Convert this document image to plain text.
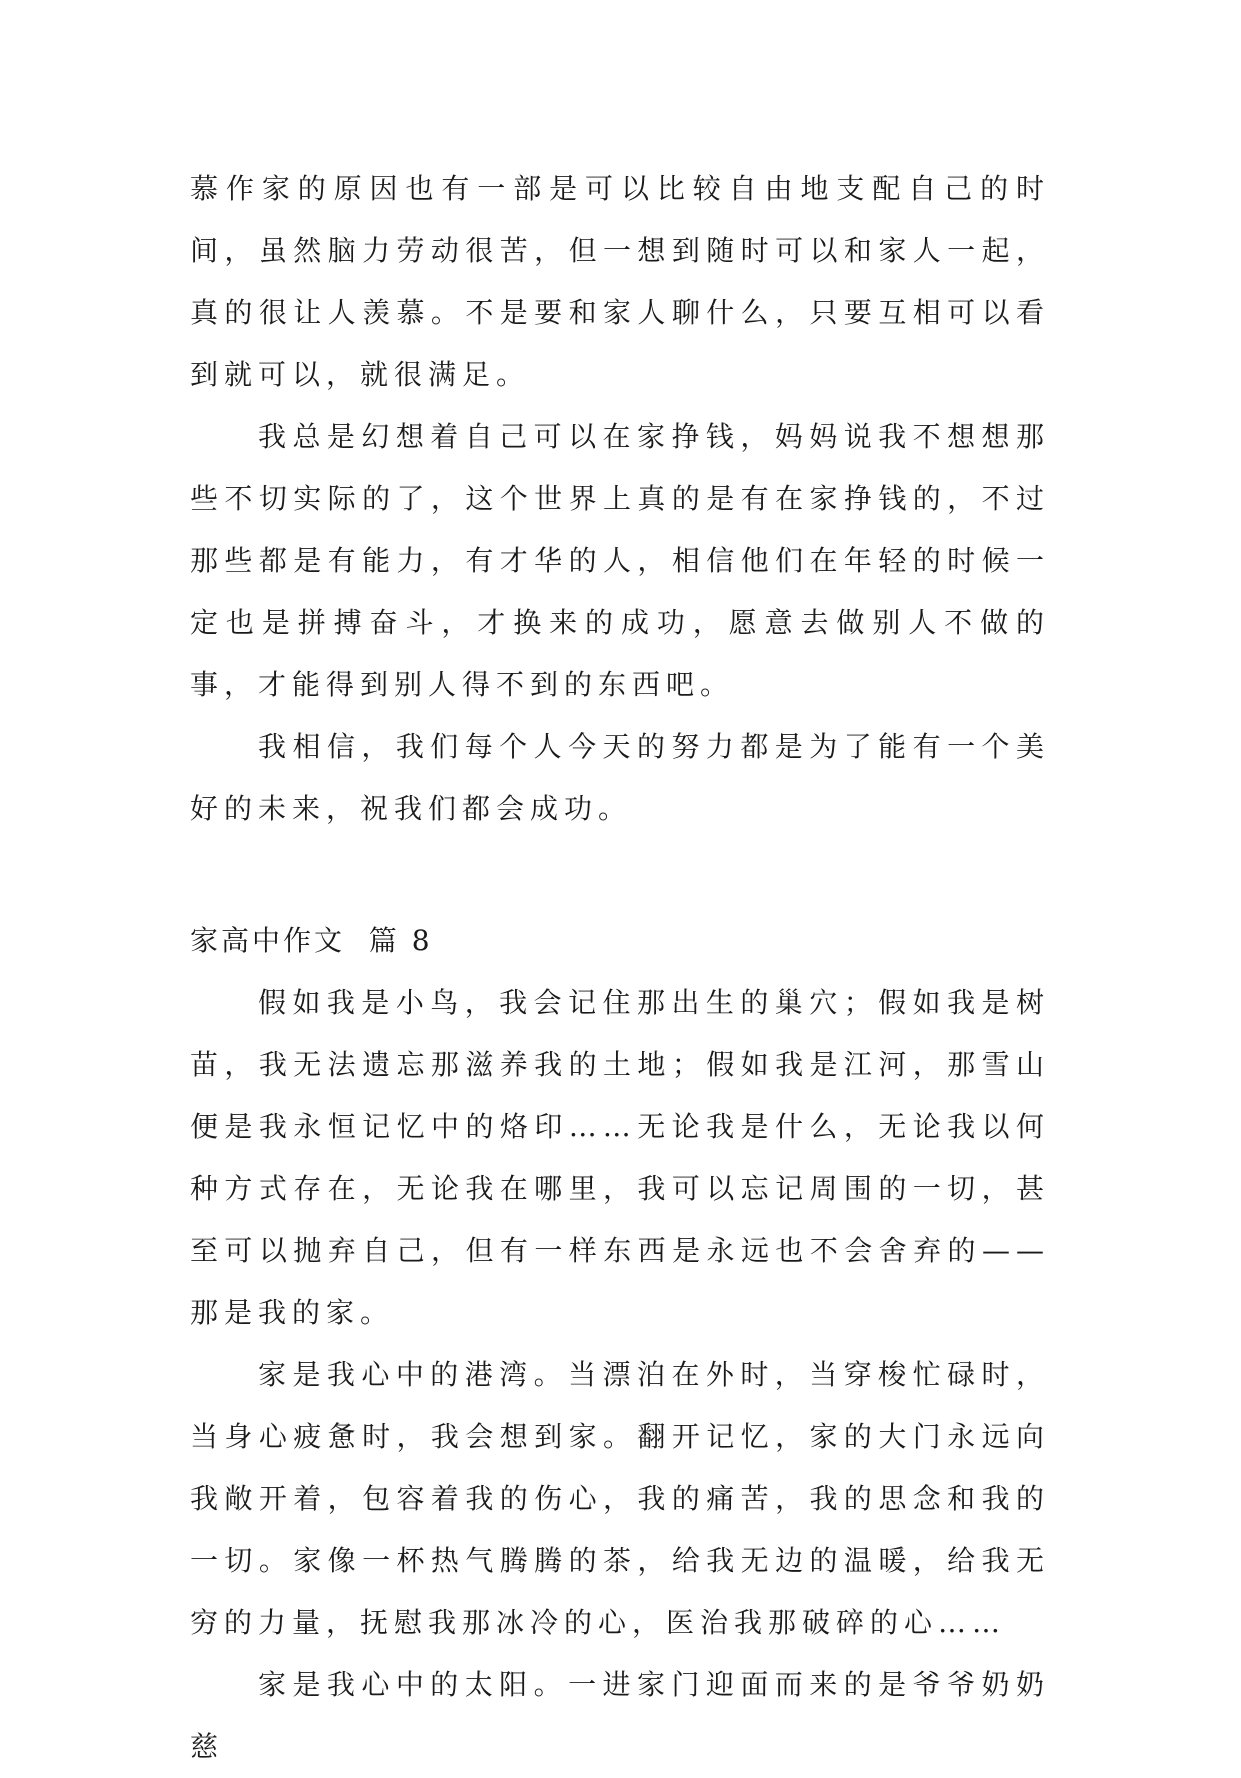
慕作家的原因也有一部是可以比较自由地支配自己的时间，虽然脑力劳动很苦，但一想到随时可以和家人一起，真的很让人羡慕。不是要和家人聊什么，只要互相可以看到就可以，就很满足。

我总是幻想着自己可以在家挣钱，妈妈说我不想想那些不切实际的了，这个世界上真的是有在家挣钱的，不过那些都是有能力，有才华的人，相信他们在年轻的时候一定也是拼搏奋斗，才换来的成功，愿意去做别人不做的事，才能得到别人得不到的东西吧。

我相信，我们每个人今天的努力都是为了能有一个美好的未来，祝我们都会成功。

家高中作文  篇 8

假如我是小鸟，我会记住那出生的巢穴；假如我是树苗，我无法遗忘那滋养我的土地；假如我是江河，那雪山便是我永恒记忆中的烙印……无论我是什么，无论我以何种方式存在，无论我在哪里，我可以忘记周围的一切，甚至可以抛弃自己，但有一样东西是永远也不会舍弃的——那是我的家。

家是我心中的港湾。当漂泊在外时，当穿梭忙碌时，当身心疲惫时，我会想到家。翻开记忆，家的大门永远向我敞开着，包容着我的伤心，我的痛苦，我的思念和我的一切。家像一杯热气腾腾的茶，给我无边的温暖，给我无穷的力量，抚慰我那冰冷的心，医治我那破碎的心……

家是我心中的太阳。一进家门迎面而来的是爷爷奶奶慈
